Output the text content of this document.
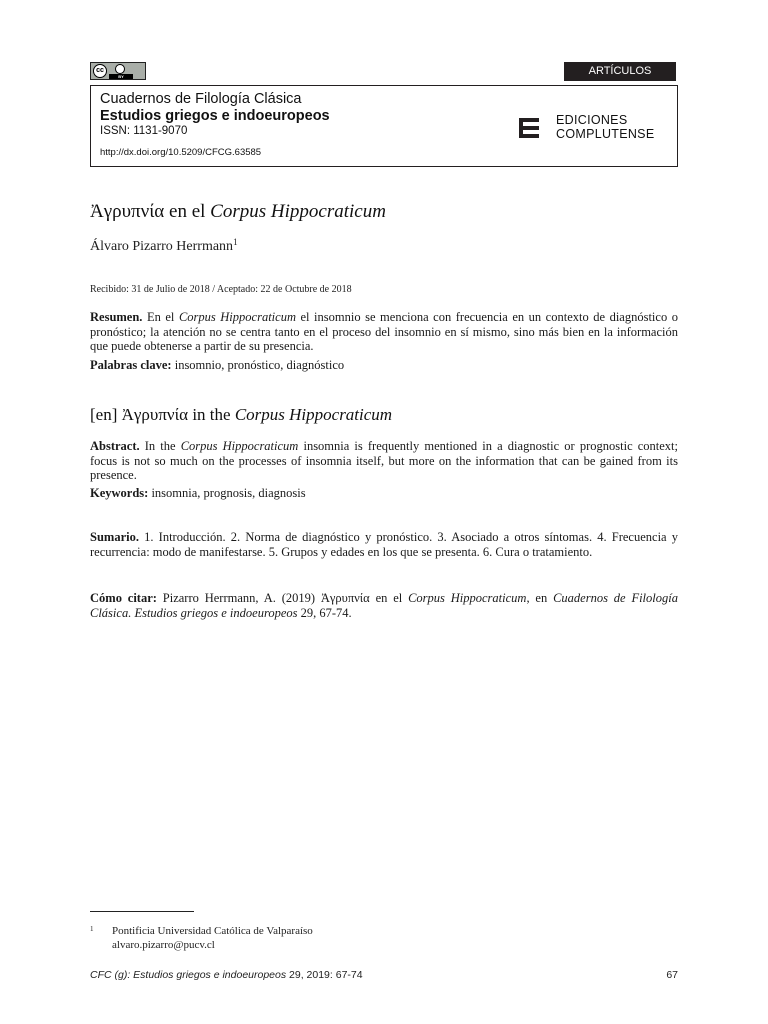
cc
BY	ARTÍCULOS
Cuadernos de Filología Clásica
Estudios griegos e indoeuropeos
ISSN: 1131-9070
http://dx.doi.org/10.5209/CFCG.63585
EDICIONES
COMPLUTENSE
Ἀγρυπνία en el Corpus Hippocraticum
Álvaro Pizarro Herrmann$^1$
Recibido: 31 de Julio de 2018 / Aceptado: 22 de Octubre de 2018
Resumen. En el Corpus Hippocraticum el insomnio se menciona con frecuencia en un contexto de diagnóstico o pronóstico; la atención no se centra tanto en el proceso del insomnio en sí mismo, sino más bien en la información que puede obtenerse a partir de su presencia.
Palabras clave: insomnio, pronóstico, diagnóstico
[en] Ἀγρυπνία in the Corpus Hippocraticum
Abstract. In the Corpus Hippocraticum insomnia is frequently mentioned in a diagnostic or prognostic context; focus is not so much on the processes of insomnia itself, but more on the information that can be gained from its presence.
Keywords: insomnia, prognosis, diagnosis
Sumario. 1. Introducción. 2. Norma de diagnóstico y pronóstico. 3. Asociado a otros síntomas. 4. Frecuencia y recurrencia: modo de manifestarse. 5. Grupos y edades en los que se presenta. 6. Cura o tratamiento.
Cómo citar: Pizarro Herrmann, A. (2019) Ἀγρυπνία en el Corpus Hippocraticum, en Cuadernos de Filología Clásica. Estudios griegos e indoeuropeos 29, 67-74.
1 Pontificia Universidad Católica de Valparaíso
alvaro.pizarro@pucv.cl
CFC (g): Estudios griegos e indoeuropeos 29, 2019: 67-74	67
